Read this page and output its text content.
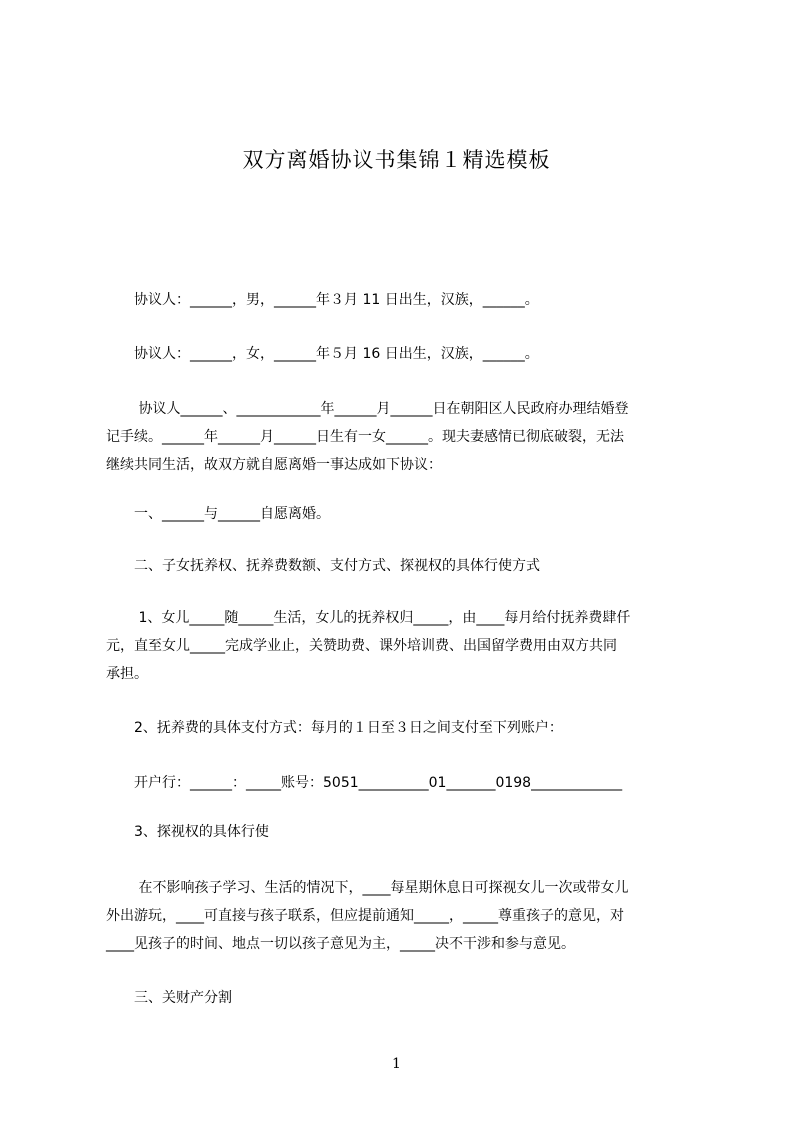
双方离婚协议书集锦１精选模板

　　协议人：______，男，______年３月 11 日出生，汉族，______。

　　协议人：______，女，______年５月 16 日出生，汉族，______。

　　 协议人______、____________年______月______日在朝阳区人民政府办理结婚登
记手续。______年______月______日生有一女______。现夫妻感情已彻底破裂，无法
继续共同生活，故双方就自愿离婚一事达成如下协议：

　　一、______与______自愿离婚。

　　二、子女抚养权、抚养费数额、支付方式、探视权的具体行使方式

　　 1、女儿_____随_____生活，女儿的抚养权归_____，由____每月给付抚养费肆仟
元，直至女儿_____完成学业止，关赞助费、课外培训费、出国留学费用由双方共同
承担。

　　2、抚养费的具体支付方式：每月的１日至３日之间支付至下列账户：

　　开户行：______：_____账号：5051__________01_______0198_____________

　　3、探视权的具体行使

　　 在不影响孩子学习、生活的情况下，____每星期休息日可探视女儿一次或带女儿
外出游玩，____可直接与孩子联系，但应提前通知_____，_____尊重孩子的意见，对
____见孩子的时间、地点一切以孩子意见为主，_____决不干涉和参与意见。

　　三、关财产分割

1
